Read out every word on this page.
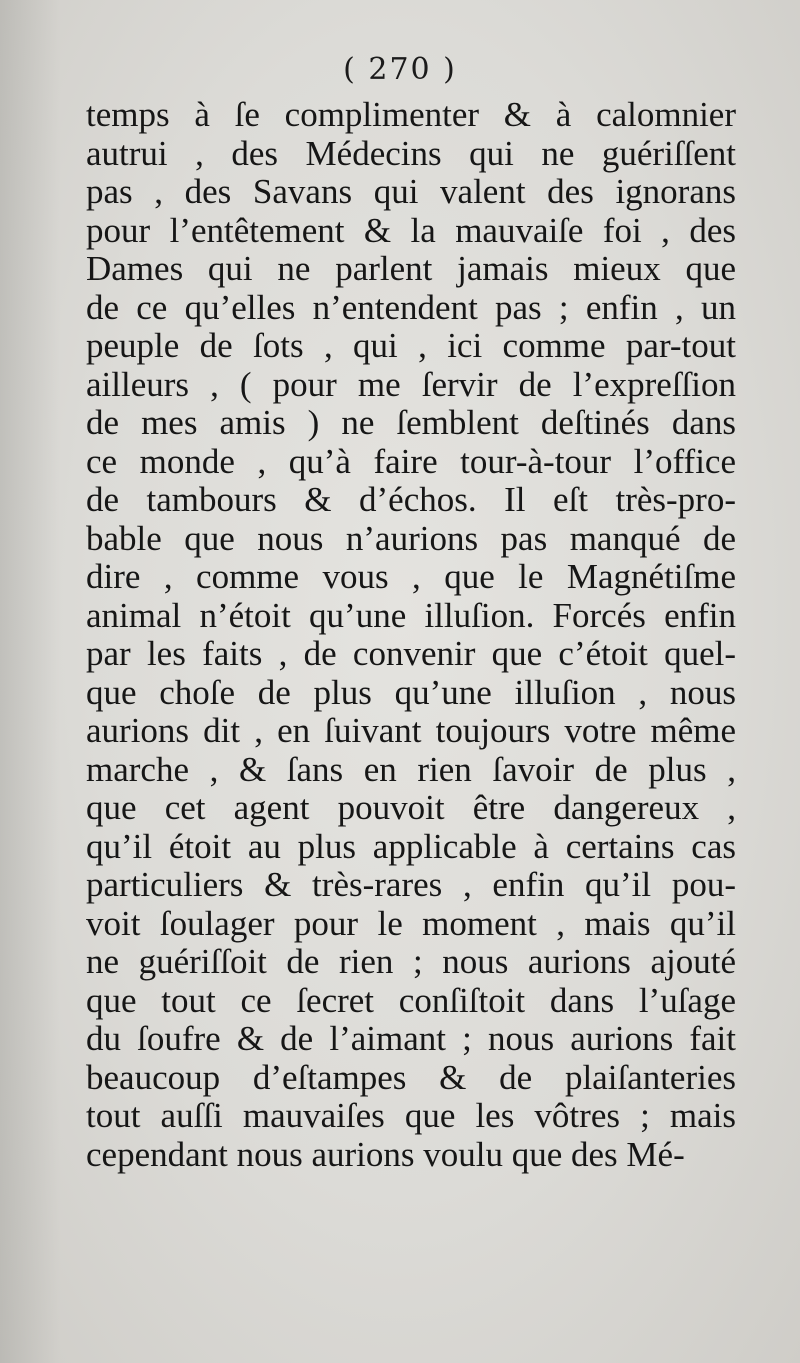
( 270 )
temps à ſe complimenter & à calomnier
autrui , des Médecins qui ne guériſſent
pas , des Savans qui valent des ignorans
pour l’entêtement & la mauvaiſe foi , des
Dames qui ne parlent jamais mieux que
de ce qu’elles n’entendent pas ; enfin , un
peuple de ſots , qui , ici comme par-tout
ailleurs , ( pour me ſervir de l’expreſſion
de mes amis ) ne ſemblent deſtinés dans
ce monde , qu’à faire tour-à-tour l’office
de tambours & d’échos. Il eſt très-pro-
bable que nous n’aurions pas manqué de
dire , comme vous , que le Magnétiſme
animal n’étoit qu’une illuſion. Forcés enfin
par les faits , de convenir que c’étoit quel-
que choſe de plus qu’une illuſion , nous
aurions dit , en ſuivant toujours votre même
marche , & ſans en rien ſavoir de plus ,
que cet agent pouvoit être dangereux ,
qu’il étoit au plus applicable à certains cas
particuliers & très-rares , enfin qu’il pou-
voit ſoulager pour le moment , mais qu’il
ne guériſſoit de rien ; nous aurions ajouté
que tout ce ſecret conſiſtoit dans l’uſage
du ſoufre & de l’aimant ; nous aurions fait
beaucoup d’eſtampes & de plaiſanteries
tout auſſi mauvaiſes que les vôtres ; mais
cependant nous aurions voulu que des Mé-
